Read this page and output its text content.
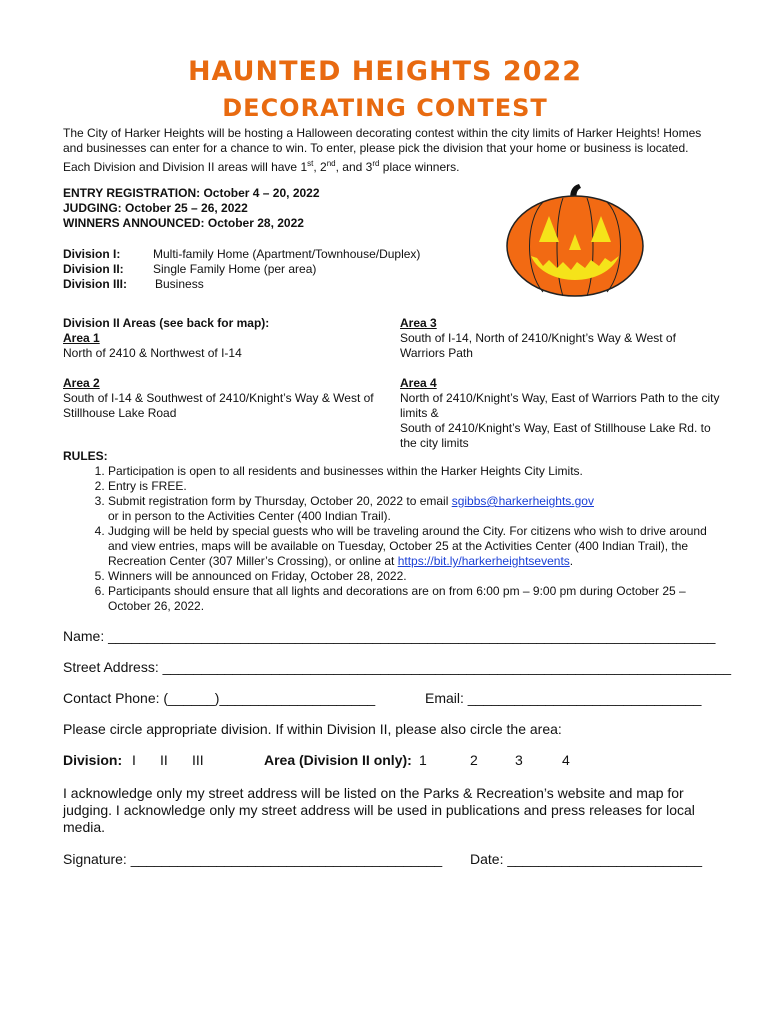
HAUNTED HEIGHTS 2022
DECORATING CONTEST
The City of Harker Heights will be hosting a Halloween decorating contest within the city limits of Harker Heights! Homes and businesses can enter for a chance to win. To enter, please pick the division that your home or business is located. Each Division and Division II areas will have 1st, 2nd, and 3rd place winners.
ENTRY REGISTRATION: October 4 – 20, 2022
JUDGING: October 25 – 26, 2022
WINNERS ANNOUNCED: October 28, 2022
Division I:	Multi-family Home (Apartment/Townhouse/Duplex)
Division II: Single Family Home (per area)
Division III: Business
Division II Areas (see back for map):
Area 1
North of 2410 & Northwest of I-14
Area 2
South of I-14 & Southwest of 2410/Knight’s Way & West of Stillhouse Lake Road
Area 3
South of I-14, North of 2410/Knight’s Way & West of Warriors Path
Area 4
North of 2410/Knight’s Way, East of Warriors Path to the city limits &
South of 2410/Knight’s Way, East of Stillhouse Lake Rd. to the city limits
RULES:
1. Participation is open to all residents and businesses within the Harker Heights City Limits.
2. Entry is FREE.
3. Submit registration form by Thursday, October 20, 2022 to email sgibbs@harkerheights.gov
or in person to the Activities Center (400 Indian Trail).
4. Judging will be held by special guests who will be traveling around the City. For citizens who wish to drive around and view entries, maps will be available on Tuesday, October 25 at the Activities Center (400 Indian Trail), the Recreation Center (307 Miller’s Crossing), or online at https://bit.ly/harkerheightsevents.
5. Winners will be announced on Friday, October 28, 2022.
6. Participants should ensure that all lights and decorations are on from 6:00 pm – 9:00 pm during October 25 – October 26, 2022.
Name: ______________________________________________________________________________
Street Address: _________________________________________________________________________
Contact Phone: (______)____________________	Email: ______________________________
Please circle appropriate division. If within Division II, please also circle the area:
Division: I II III	Area (Division II only): 1	2	3	4
I acknowledge only my street address will be listed on the Parks & Recreation’s website and map for judging. I acknowledge only my street address will be used in publications and press releases for local media.
Signature: ________________________________________ Date: _________________________
